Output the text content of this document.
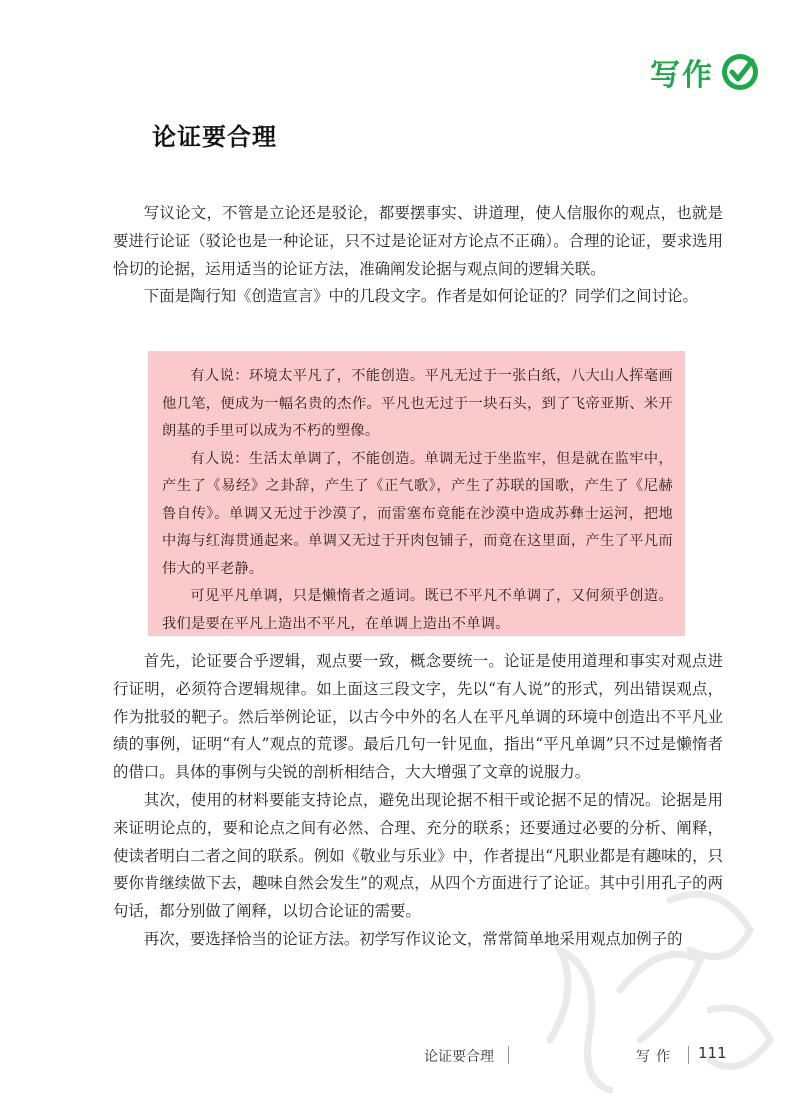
写作
论证要合理

写议论文，不管是立论还是驳论，都要摆事实、讲道理，使人信服你的观点，也就是要进行论证（驳论也是一种论证，只不过是论证对方论点不正确）。合理的论证，要求选用恰切的论据，运用适当的论证方法，准确阐发论据与观点间的逻辑关联。

下面是陶行知《创造宣言》中的几段文字。作者是如何论证的？同学们之间讨论。

有人说：环境太平凡了，不能创造。平凡无过于一张白纸，八大山人挥毫画他几笔，便成为一幅名贵的杰作。平凡也无过于一块石头，到了飞帝亚斯、米开朗基的手里可以成为不朽的塑像。

有人说：生活太单调了，不能创造。单调无过于坐监牢，但是就在监牢中，产生了《易经》之卦辞，产生了《正气歌》，产生了苏联的国歌，产生了《尼赫鲁自传》。单调又无过于沙漠了，而雷塞布竟能在沙漠中造成苏彝士运河，把地中海与红海贯通起来。单调又无过于开肉包铺子，而竟在这里面，产生了平凡而伟大的平老静。

可见平凡单调，只是懒惰者之遁词。既已不平凡不单调了，又何须乎创造。我们是要在平凡上造出不平凡，在单调上造出不单调。

首先，论证要合乎逻辑，观点要一致，概念要统一。论证是使用道理和事实对观点进行证明，必须符合逻辑规律。如上面这三段文字，先以“有人说”的形式，列出错误观点，作为批驳的靶子。然后举例论证，以古今中外的名人在平凡单调的环境中创造出不平凡业绩的事例，证明“有人”观点的荒谬。最后几句一针见血，指出“平凡单调”只不过是懒惰者的借口。具体的事例与尖锐的剖析相结合，大大增强了文章的说服力。

其次，使用的材料要能支持论点，避免出现论据不相干或论据不足的情况。论据是用来证明论点的，要和论点之间有必然、合理、充分的联系；还要通过必要的分析、阐释，使读者明白二者之间的联系。例如《敬业与乐业》中，作者提出“凡职业都是有趣味的，只要你肯继续做下去，趣味自然会发生”的观点，从四个方面进行了论证。其中引用孔子的两句话，都分别做了阐释，以切合论证的需要。

再次，要选择恰当的论证方法。初学写作议论文，常常简单地采用观点加例子的

论证要合理	写作 111
